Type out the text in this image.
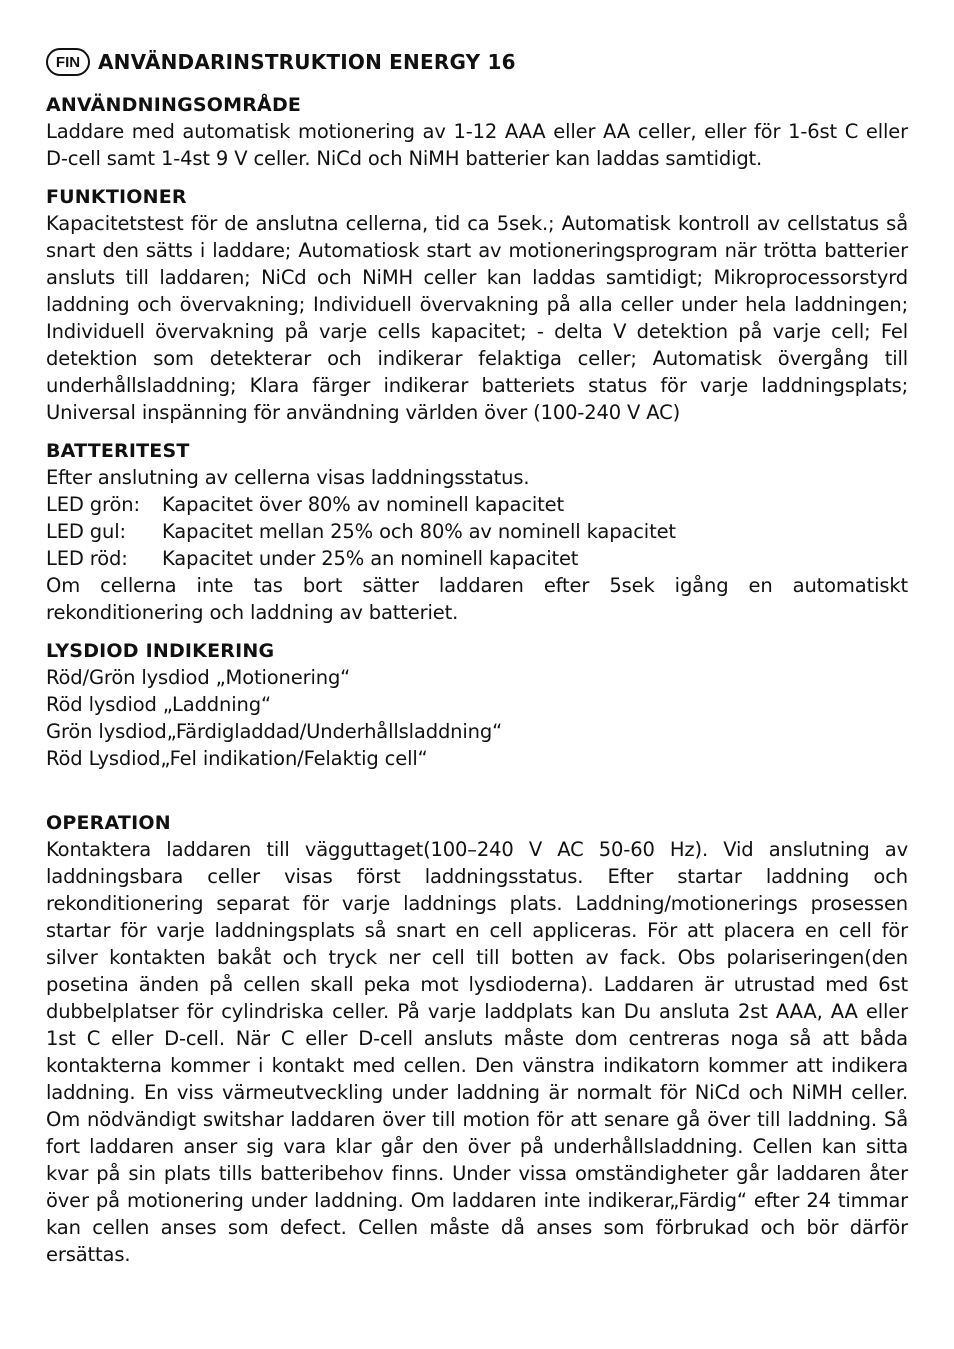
FIN ANVÄNDARINSTRUKTION ENERGY 16
ANVÄNDNINGSOMRÅDE

Laddare med automatisk motionering av 1-12 AAA eller AA celler, eller för 1-6st C eller D-cell samt 1-4st 9 V celler. NiCd och NiMH batterier kan laddas samtidigt.

FUNKTIONER

Kapacitetstest för de anslutna cellerna, tid ca 5sek.; Automatisk kontroll av cellstatus så snart den sätts i laddare; Automatiosk start av motioneringsprogram när trötta batterier ansluts till laddaren; NiCd och NiMH celler kan laddas samtidigt; Mikroprocessorstyrd laddning och övervakning; Individuell övervakning på alla celler under hela laddningen; Individuell övervakning på varje cells kapacitet; - delta V detektion på varje cell; Fel detektion som detekterar och indikerar felaktiga celler; Automatisk övergång till underhållsladdning; Klara färger indikerar batteriets status för varje laddningsplats; Universal inspänning för användning världen över (100-240 V AC)

BATTERITEST
Efter anslutning av cellerna visas laddningsstatus.
LED grön:	Kapacitet över 80% av nominell kapacitet
LED gul:	Kapacitet mellan 25% och 80% av nominell kapacitet
LED röd:	Kapacitet under 25% an nominell kapacitet

Om cellerna inte tas bort sätter laddaren efter 5sek igång en automatiskt rekonditionering och laddning av batteriet.

LYSDIOD INDIKERING
Röd/Grön lysdiod „Motionering“
Röd lysdiod „Laddning“
Grön lysdiod„Färdigladdad/Underhållsladdning“
Röd Lysdiod„Fel indikation/Felaktig cell“
OPERATION

Kontaktera laddaren till vägguttaget(100–240 V AC 50-60 Hz). Vid anslutning av laddningsbara celler visas först laddningsstatus. Efter startar laddning och rekonditionering separat för varje laddnings plats. Laddning/motionerings prosessen startar för varje laddningsplats så snart en cell appliceras. För att placera en cell för silver kontakten bakåt och tryck ner cell till botten av fack. Obs polariseringen(den posetina änden på cellen skall peka mot lysdioderna). Laddaren är utrustad med 6st dubbelplatser för cylindriska celler. På varje laddplats kan Du ansluta 2st AAA, AA eller 1st C eller D-cell. När C eller D-cell ansluts måste dom centreras noga så att båda kontakterna kommer i kontakt med cellen. Den vänstra indikatorn kommer att indikera laddning. En viss värmeutveckling under laddning är normalt för NiCd och NiMH celler. Om nödvändigt switshar laddaren över till motion för att senare gå över till laddning. Så fort laddaren anser sig vara klar går den över på underhållsladdning. Cellen kan sitta kvar på sin plats tills batteribehov finns. Under vissa omständigheter går laddaren åter över på motionering under laddning. Om laddaren inte indikerar„Färdig“ efter 24 timmar kan cellen anses som defect. Cellen måste då anses som förbrukad och bör därför ersättas.
